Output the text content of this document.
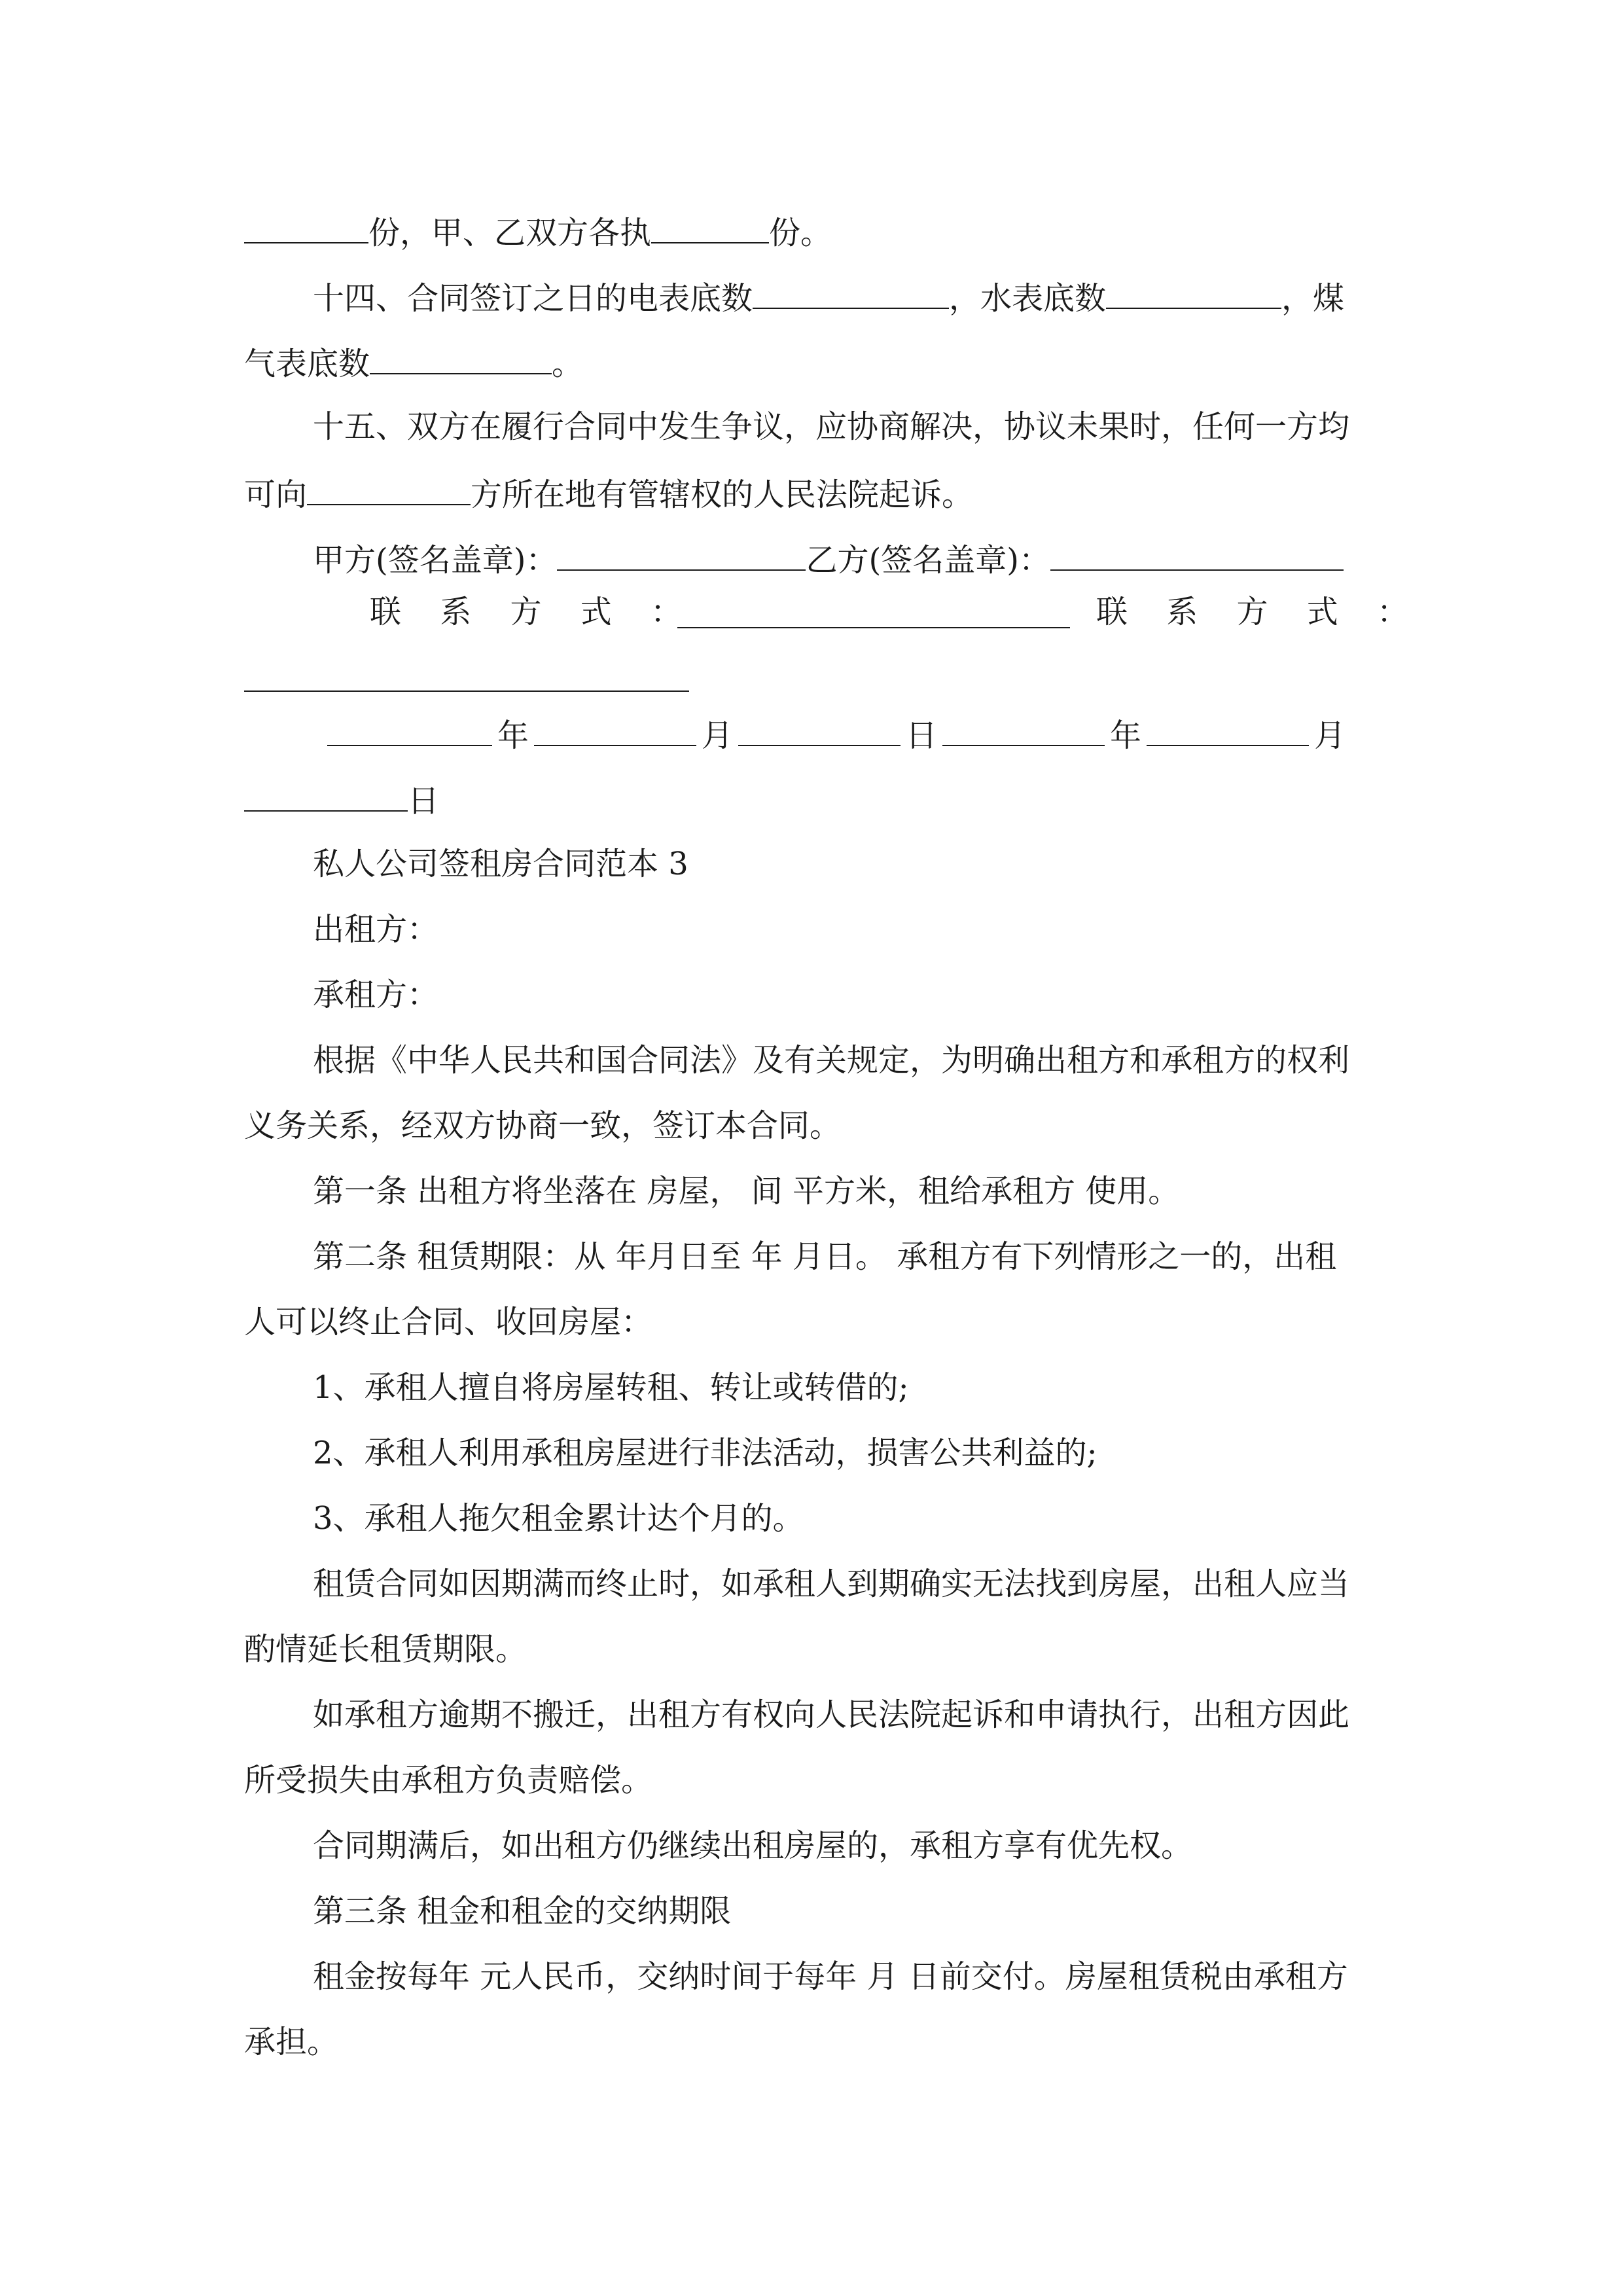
份，甲、乙双方各执	份。
十四、合同签订之日的电表底数	，水表底数	，煤
气表底数	。
十五、双方在履行合同中发生争议，应协商解决，协议未果时，任何一方均
可向	方所在地有管辖权的人民法院起诉。
甲方(签名盖章)：	乙方(签名盖章)：
联 系 方 式 ：	联 系 方 式 ：
年	月	日	年	月
日
私人公司签租房合同范本 3
出租方：
承租方：
根据《中华人民共和国合同法》及有关规定，为明确出租方和承租方的权利
义务关系，经双方协商一致，签订本合同。
第一条 出租方将坐落在 房屋， 间 平方米，租给承租方 使用。
第二条 租赁期限：从 年月日至 年 月日。 承租方有下列情形之一的，出租
人可以终止合同、收回房屋：
1、承租人擅自将房屋转租、转让或转借的;
2、承租人利用承租房屋进行非法活动，损害公共利益的;
3、承租人拖欠租金累计达个月的。
租赁合同如因期满而终止时，如承租人到期确实无法找到房屋，出租人应当
酌情延长租赁期限。
如承租方逾期不搬迁，出租方有权向人民法院起诉和申请执行，出租方因此
所受损失由承租方负责赔偿。
合同期满后，如出租方仍继续出租房屋的，承租方享有优先权。
第三条 租金和租金的交纳期限
租金按每年 元人民币，交纳时间于每年 月 日前交付。房屋租赁税由承租方
承担。
